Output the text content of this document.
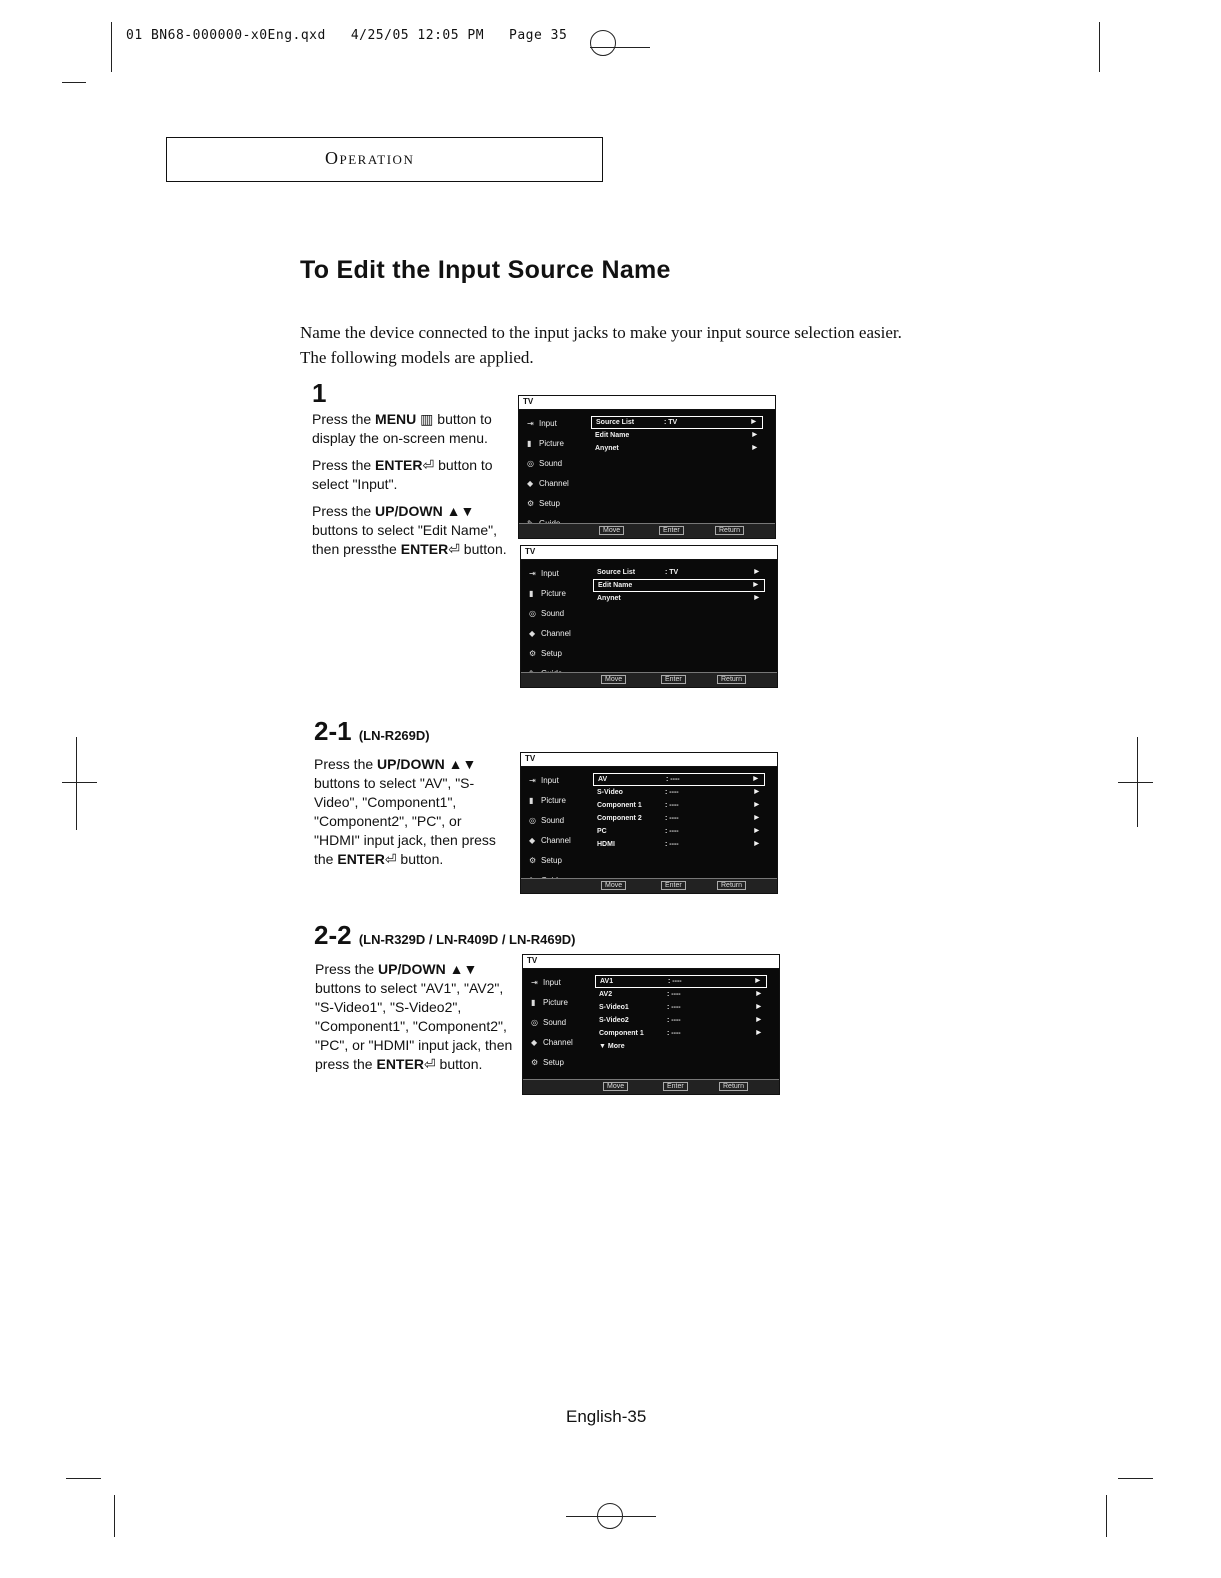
01 BN68-000000-x0Eng.qxd   4/25/05 12:05 PM   Page 35
Operation
To Edit the Input Source Name
Name the device connected to the input jacks to make your input source selection easier.
The following models are applied.
1

Press the MENU ▥ button to display the on-screen menu.

Press the ENTER⏎ button to select "Input".

Press the UP/DOWN ▲▼ buttons to select "Edit Name", then pressthe ENTER⏎ button.

TV
⇥ Input
▮ Picture
◎ Sound
◆ Channel
⚙ Setup
Source List	: TV	▶
Edit Name	▶
Anynet	▶
Move	Enter	Return
TV
⇥ Input
▮ Picture
◎ Sound
◆ Channel
⚙ Setup
Source List	: TV	▶
Edit Name	▶
Anynet	▶
Move	Enter	Return
2-1 (LN-R269D)

Press the UP/DOWN ▲▼ buttons to select "AV", "S-Video", "Component1", "Component2", "PC", or "HDMI" input jack, then press the ENTER⏎ button.

TV
⇥ Input
▮ Picture
◎ Sound
◆ Channel
⚙ Setup
AV	: ----	▶
S-Video	: ----	▶
Component 1	: ----	▶
Component 2	: ----	▶
PC	: ----	▶
HDMI	: ----	▶
Move	Enter	Return
2-2 (LN-R329D / LN-R409D / LN-R469D)

Press the UP/DOWN ▲▼ buttons to select "AV1", "AV2", "S-Video1", "S-Video2", "Component1", "Component2", "PC", or "HDMI" input jack, then press the ENTER⏎ button.

TV
⇥ Input
▮ Picture
◎ Sound
◆ Channel
⚙ Setup
AV1	: ----	▶
AV2	: ----	▶
S-Video1	: ----	▶
S-Video2	: ----	▶
Component 1	: ----	▶
▼ More
Move	Enter	Return
English-35
